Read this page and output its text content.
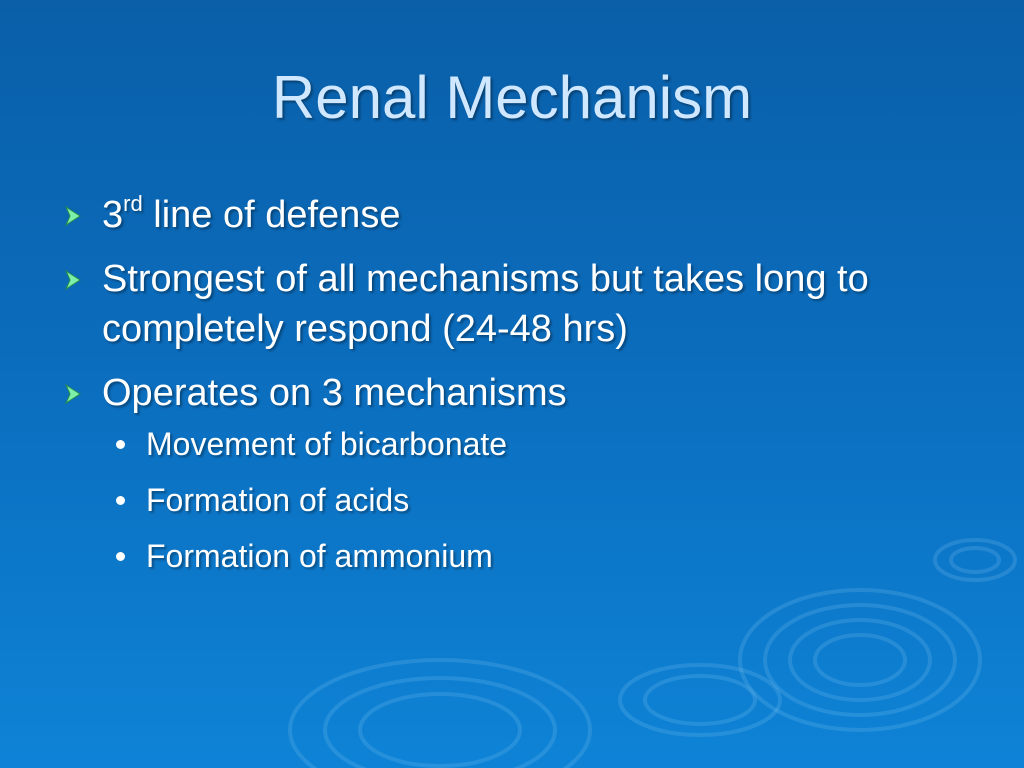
Renal Mechanism
3rd line of defense
Strongest of all mechanisms but takes long to completely respond (24-48 hrs)
Operates on 3 mechanisms
Movement of bicarbonate
Formation of acids
Formation of ammonium
